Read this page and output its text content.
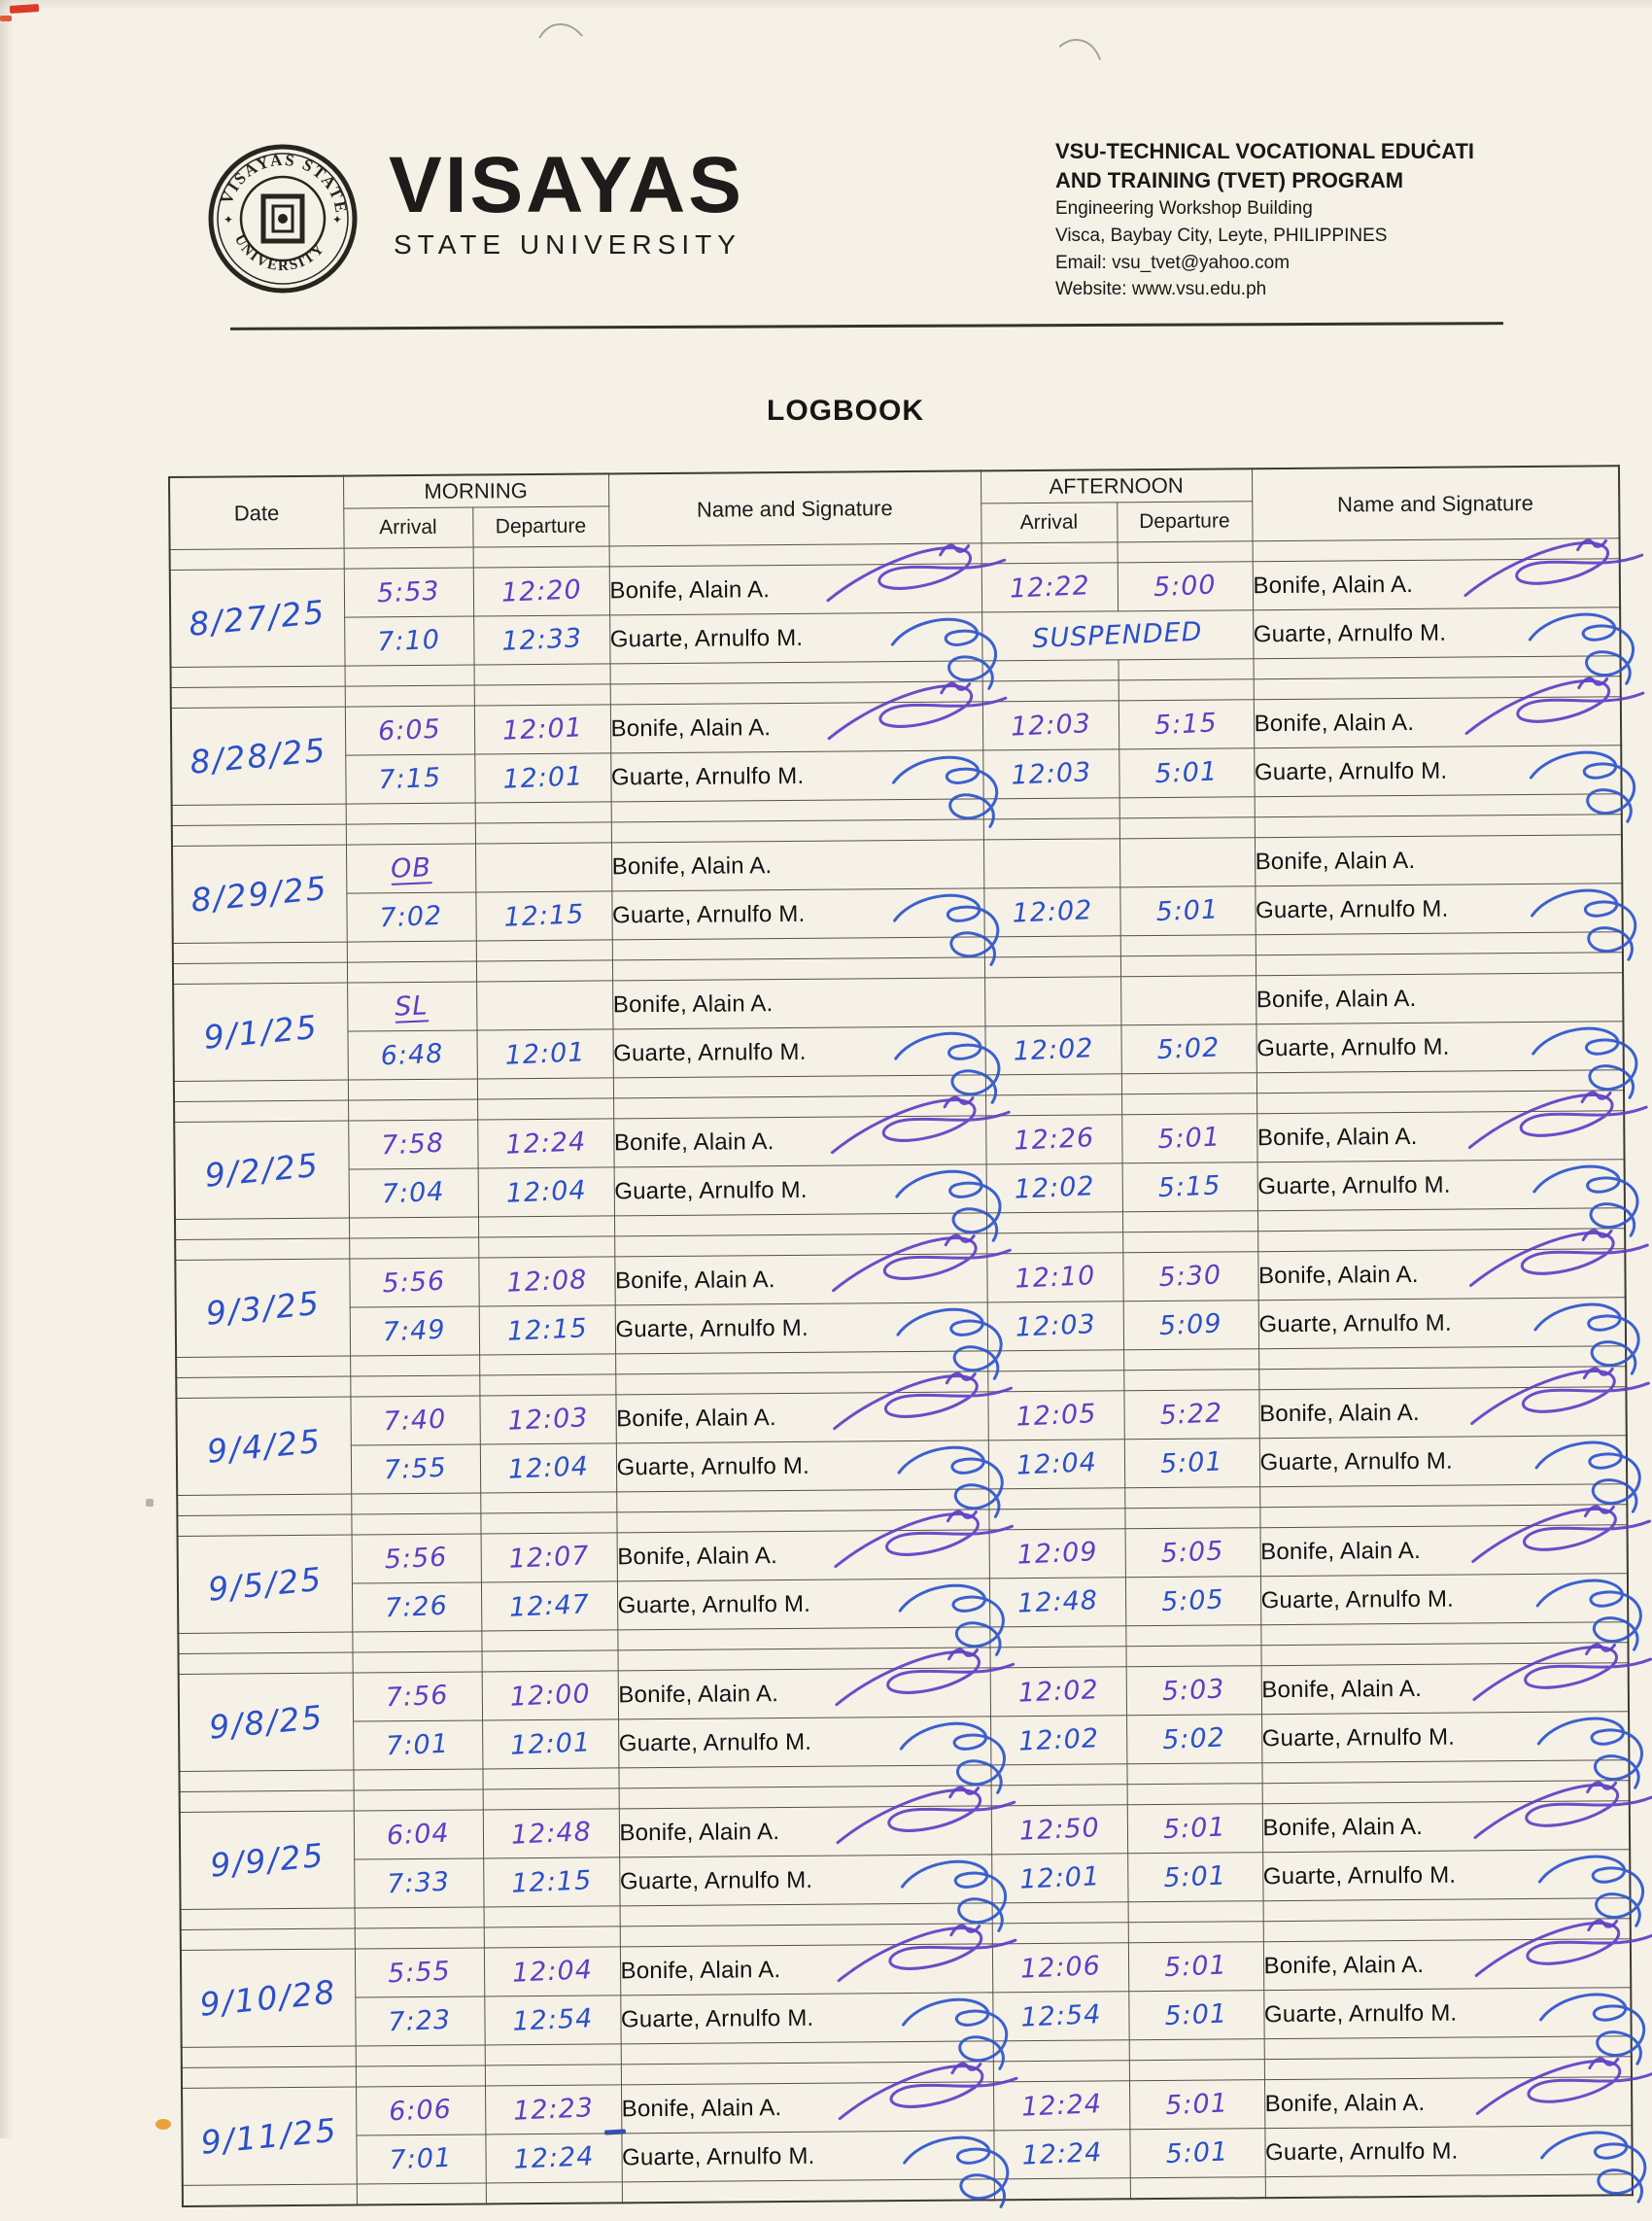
VISAYAS STATE
UNIVERSITY
✦	✦ VISAYAS
STATE UNIVERSITY
VSU-TECHNICAL VOCATIONAL EDUĊATI
AND TRAINING (TVET) PROGRAM
Engineering Workshop Building
Visca, Baybay City, Leyte, PHILIPPINES
Email: vsu_tvet@yahoo.com
Website: www.vsu.edu.ph
LOGBOOK
Date	MORNING		Name and Signature	AFTERNOON		Name and Signature
	Arrival	Departure		Arrival	Departure	

8/27/25	5:53	12:20	Bonife, Alain A.	12:22	5:00	Bonife, Alain A.

	7:10	12:33	Guarte, Arnulfo M.	SUSPENDED		Guarte, Arnulfo M.

8/28/25	6:05	12:01	Bonife, Alain A.	12:03	5:15	Bonife, Alain A.

	7:15	12:01	Guarte, Arnulfo M.	12:03	5:01	Guarte, Arnulfo M.

8/29/25	OB		Bonife, Alain A.			Bonife, Alain A.
	7:02	12:15	Guarte, Arnulfo M.	12:02	5:01	Guarte, Arnulfo M.

9/1/25	SL		Bonife, Alain A.			Bonife, Alain A.
	6:48	12:01	Guarte, Arnulfo M.	12:02	5:02	Guarte, Arnulfo M.

9/2/25	7:58	12:24	Bonife, Alain A.	12:26	5:01	Bonife, Alain A.

	7:04	12:04	Guarte, Arnulfo M.	12:02	5:15	Guarte, Arnulfo M.

9/3/25	5:56	12:08	Bonife, Alain A.	12:10	5:30	Bonife, Alain A.

	7:49	12:15	Guarte, Arnulfo M.	12:03	5:09	Guarte, Arnulfo M.

9/4/25	7:40	12:03	Bonife, Alain A.	12:05	5:22	Bonife, Alain A.

	7:55	12:04	Guarte, Arnulfo M.	12:04	5:01	Guarte, Arnulfo M.

9/5/25	5:56	12:07	Bonife, Alain A.	12:09	5:05	Bonife, Alain A.

	7:26	12:47	Guarte, Arnulfo M.	12:48	5:05	Guarte, Arnulfo M.

9/8/25	7:56	12:00	Bonife, Alain A.	12:02	5:03	Bonife, Alain A.

	7:01	12:01	Guarte, Arnulfo M.	12:02	5:02	Guarte, Arnulfo M.

9/9/25	6:04	12:48	Bonife, Alain A.	12:50	5:01	Bonife, Alain A.

	7:33	12:15	Guarte, Arnulfo M.	12:01	5:01	Guarte, Arnulfo M.

9/10/28	5:55	12:04	Bonife, Alain A.	12:06	5:01	Bonife, Alain A.

	7:23	12:54	Guarte, Arnulfo M.	12:54	5:01	Guarte, Arnulfo M.

9/11/25	6:06	12:23	Bonife, Alain A.	12:24	5:01	Bonife, Alain A.

	7:01	12:24	Guarte, Arnulfo M.	12:24	5:01	Guarte, Arnulfo M.
